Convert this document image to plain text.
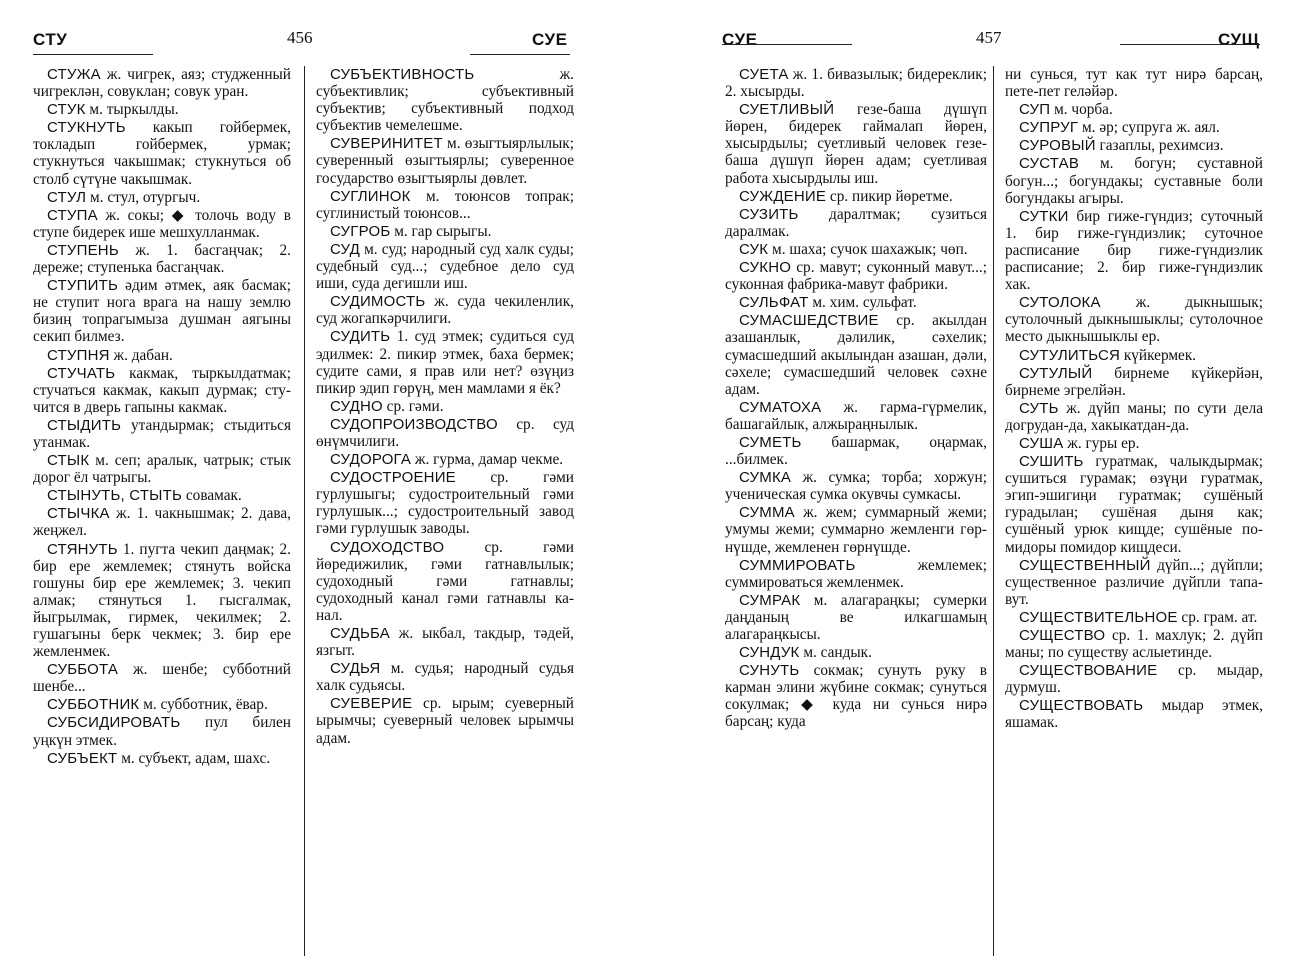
СТУ	456	СУЕ

СТУЖА ж. чигрек, аяз; студженный чигреклән, совуклан; совук уран.

СТУК м. тыркылды.

СТУКНУТЬ какып гойбермек, токладып гойбермек, урмак; стукнуться чакышмак; стукнуться об столб сүтүне чакышмак.

СТУЛ м. стул, отургыч.

СТУПА ж. сокы; ◆ толочь воду в ступе бидерек ише мешхулланмак.

СТУПЕНЬ ж. 1. басгаңчак; 2. дереже; ступенька басгаңчак.

СТУПИТЬ әдим әтмек, аяк басмак; не ступит нога врага на нашу землю бизиң топрагымыза душман аягыны секип билмез.

СТУПНЯ ж. дабан.

СТУЧАТЬ какмак, тыркылдатмак; стучаться какмак, какып дурмак; стучится в дверь гапыны какмак.

СТЫДИТЬ утандырмак; стыдиться утанмак.

СТЫК м. сеп; аралык, чатрык; стык дорог ёл чатрыгы.

СТЫНУТЬ, СТЫТЬ совамак.

СТЫЧКА ж. 1. чакнышмак; 2. дава, жеңжел.

СТЯНУТЬ 1. пугта чекип даңмак; 2. бир ере жемлемек; стянуть войска гошуны бир ере жемлемек; 3. чекип алмак; стянуться 1. гысгалмак, йыгрылмак, гирмек, чекилмек; 2. гушагыны берк чекмек; 3. бир ере жемленмек.

СУББОТА ж. шенбе; субботний шенбе...

СУББОТНИК м. субботник, ёвар.

СУБСИДИРОВАТЬ пул билен уңкүн этмек.

СУБЪЕКТ м. субъект, адам, шахс.

СУБЪЕКТИВНОСТЬ ж. субъективлик; субъективный субъектив; субъективный подход субъектив чемелешме.

СУВЕРИНИТЕТ м. өзыгтыярлылык; суверенный өзыгтыярлы; суверенное государство өзыгтыярлы дөвлет.

СУГЛИНОК м. тоюнсов топрак; суглинистый тоюнсов...

СУГРОБ м. гар сырыгы.

СУД м. суд; народный суд халк суды; судебный суд...; судебное дело суд иши, суда дегишли иш.

СУДИМОСТЬ ж. суда чекиленлик, суд жогапкәрчилиги.

СУДИТЬ 1. суд этмек; судиться суд эдилмек: 2. пикир этмек, баха бермек; судите сами, я прав или нет? өзүңиз пикир эдип гөрүң, мен мамлами я ёк?

СУДНО ср. гәми.

СУДОПРОИЗВОДСТВО ср. суд өнүмчилиги.

СУДОРОГА ж. гурма, дамар чекме.

СУДОСТРОЕНИЕ ср. гәми гурлушыгы; судостроительный гәми гурлушык...; судостроительный завод гәми гурлушык заводы.

СУДОХОДСТВО ср. гәми йөредижилик, гәми гатнавлылык; судоходный гәми гатнавлы; судоходный канал гәми гатнавлы канал.

СУДЬБА ж. ыкбал, такдыр, тәдей, язгыт.

СУДЬЯ м. судья; народный судья халк судьясы.

СУЕВЕРИЕ ср. ырым; суеверный ырымчы; суеверный человек ырымчы адам.

СУЕ	457	СУЩ

СУЕТА ж. 1. бивазылык; бидереклик; 2. хысырды.

СУЕТЛИВЫЙ гезе-баша дүшүп йөрен, бидерек гаймалап йөрен, хысырдылы; суетливый человек гезе-баша дүшүп йөрен адам; суетливая работа хысырдылы иш.

СУЖДЕНИЕ ср. пикир йөретме.

СУЗИТЬ даралтмак; сузиться даралмак.

СУК м. шаха; сучок шахажык; чөп.

СУКНО ср. мавут; суконный мавут...; суконная фабрика-мавут фабрики.

СУЛЬФАТ м. хим. сульфат.

СУМАСШЕДСТВИЕ ср. акылдан азашанлык, дәлилик, сәхелик; сумасшедший акылындан азашан, дәли, сәхеле; сумасшедший человек сәхне адам.

СУМАТОХА ж. гарма-гүрмелик, башагайлык, алжыраңнылык.

СУМЕТЬ башармак, оңармак, ...билмек.

СУМКА ж. сумка; торба; хоржун; ученическая сумка окувчы сумкасы.

СУММА ж. жем; суммарный жеми; умумы жеми; суммарно жемленги гөрнүшде, жемленен гөрнүшде.

СУММИРОВАТЬ жемлемек; суммироваться жемленмек.

СУМРАК м. алагараңкы; сумерки даңданың ве илкагшамың алагараңкысы.

СУНДУК м. сандык.

СУНУТЬ сокмак; сунуть руку в карман элини жүбине сокмак; сунуться сокулмак; ◆ куда ни суньcя нирә барсаң; куда

ни суньcя, тут как тут нирә барсаң, пете-пет геләйәр.

СУП м. чорба.

СУПРУГ м. әр; супруга ж. аял.

СУРОВЫЙ газаплы, рехимсиз.

СУСТАВ м. богун; суставной богун...; богундакы; суставные боли богундакы агыры.

СУТКИ бир гиже-гүндиз; суточный 1. бир гиже-гүндизлик; суточное расписание бир гиже-гүндизлик расписание; 2. бир гиже-гүндизлик хак.

СУТОЛОКА ж. дыкнышык; сутолочный дыкнышыклы; сутолочное место дыкнышыклы ер.

СУТУЛИТЬСЯ күйкермек.

СУТУЛЫЙ бирнеме күйкерйән, бирнеме эгрелйән.

СУТЬ ж. дүйп маны; по сути дела догрудан-да, хакыкатдан-да.

СУША ж. гуры ер.

СУШИТЬ гуратмак, чалыкдырмак; сушиться гурамак; өзүңи гуратмак, эгип-эшигиңи гуратмак; сушёный гурадылан; сушёная дыня как; сушёный урюк кищде; сушёные помидоры помидор кищдеси.

СУЩЕСТВЕННЫЙ дүйп...; дүйпли; существенное различие дүйпли тапавут.

СУЩЕСТВИТЕЛЬНОЕ ср. грам. ат.

СУЩЕСТВО ср. 1. махлук; 2. дүйп маны; по существу аслыетинде.

СУЩЕСТВОВАНИЕ ср. мыдар, дурмуш.

СУЩЕСТВОВАТЬ мыдар этмек, яшамак.
